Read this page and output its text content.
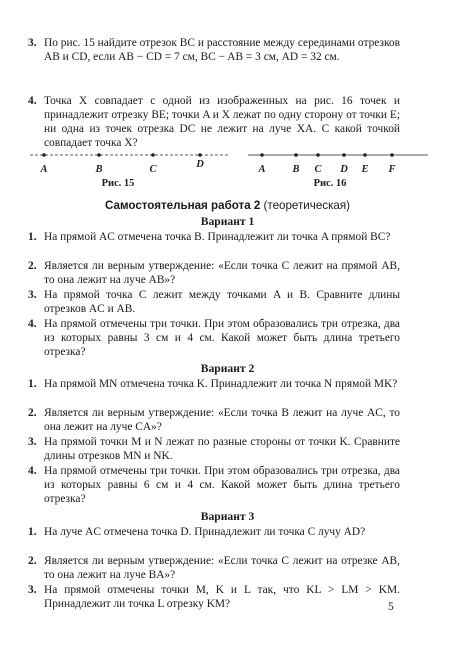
3. По рис. 15 найдите отрезок BC и расстояние между серединами отрезков AB и CD, если AB − CD = 7 см, BC − AB = 3 см, AD = 32 см.
4. Точка X совпадает с одной из изображенных на рис. 16 точек и принадлежит отрезку BE; точки A и X лежат по одну сторону от точки E; ни одна из точек отрезка DC не лежит на луче XA. С какой точкой совпадает точка X?
A	B	C	D
Рис. 15
A	B C D E F
Рис. 16
Самостоятельная работа 2 (теоретическая)
Вариант 1
1. На прямой AC отмечена точка B. Принадлежит ли точка A прямой BC?
2. Является ли верным утверждение: «Если точка C лежит на прямой AB, то она лежит на луче AB»?
3. На прямой точка C лежит между точками A и B. Сравните длины отрезков AC и AB.
4. На прямой отмечены три точки. При этом образовались три отрезка, два из которых равны 3 см и 4 см. Какой может быть длина третьего отрезка?
Вариант 2
1. На прямой MN отмечена точка K. Принадлежит ли точка N прямой MK?
2. Является ли верным утверждение: «Если точка B лежит на луче AC, то она лежит на луче CA»?
3. На прямой точки M и N лежат по разные стороны от точки K. Сравните длины отрезков MN и NK.
4. На прямой отмечены три точки. При этом образовались три отрезка, два из которых равны 6 см и 4 см. Какой может быть длина третьего отрезка?
Вариант 3
1. На луче AC отмечена точка D. Принадлежит ли точка C лучу AD?
2. Является ли верным утверждение: «Если точка C лежит на отрезке AB, то она лежит на луче BA»?
3. На прямой отмечены точки M, K и L так, что KL > LM > KM. Принадлежит ли точка L отрезку KM?	5
